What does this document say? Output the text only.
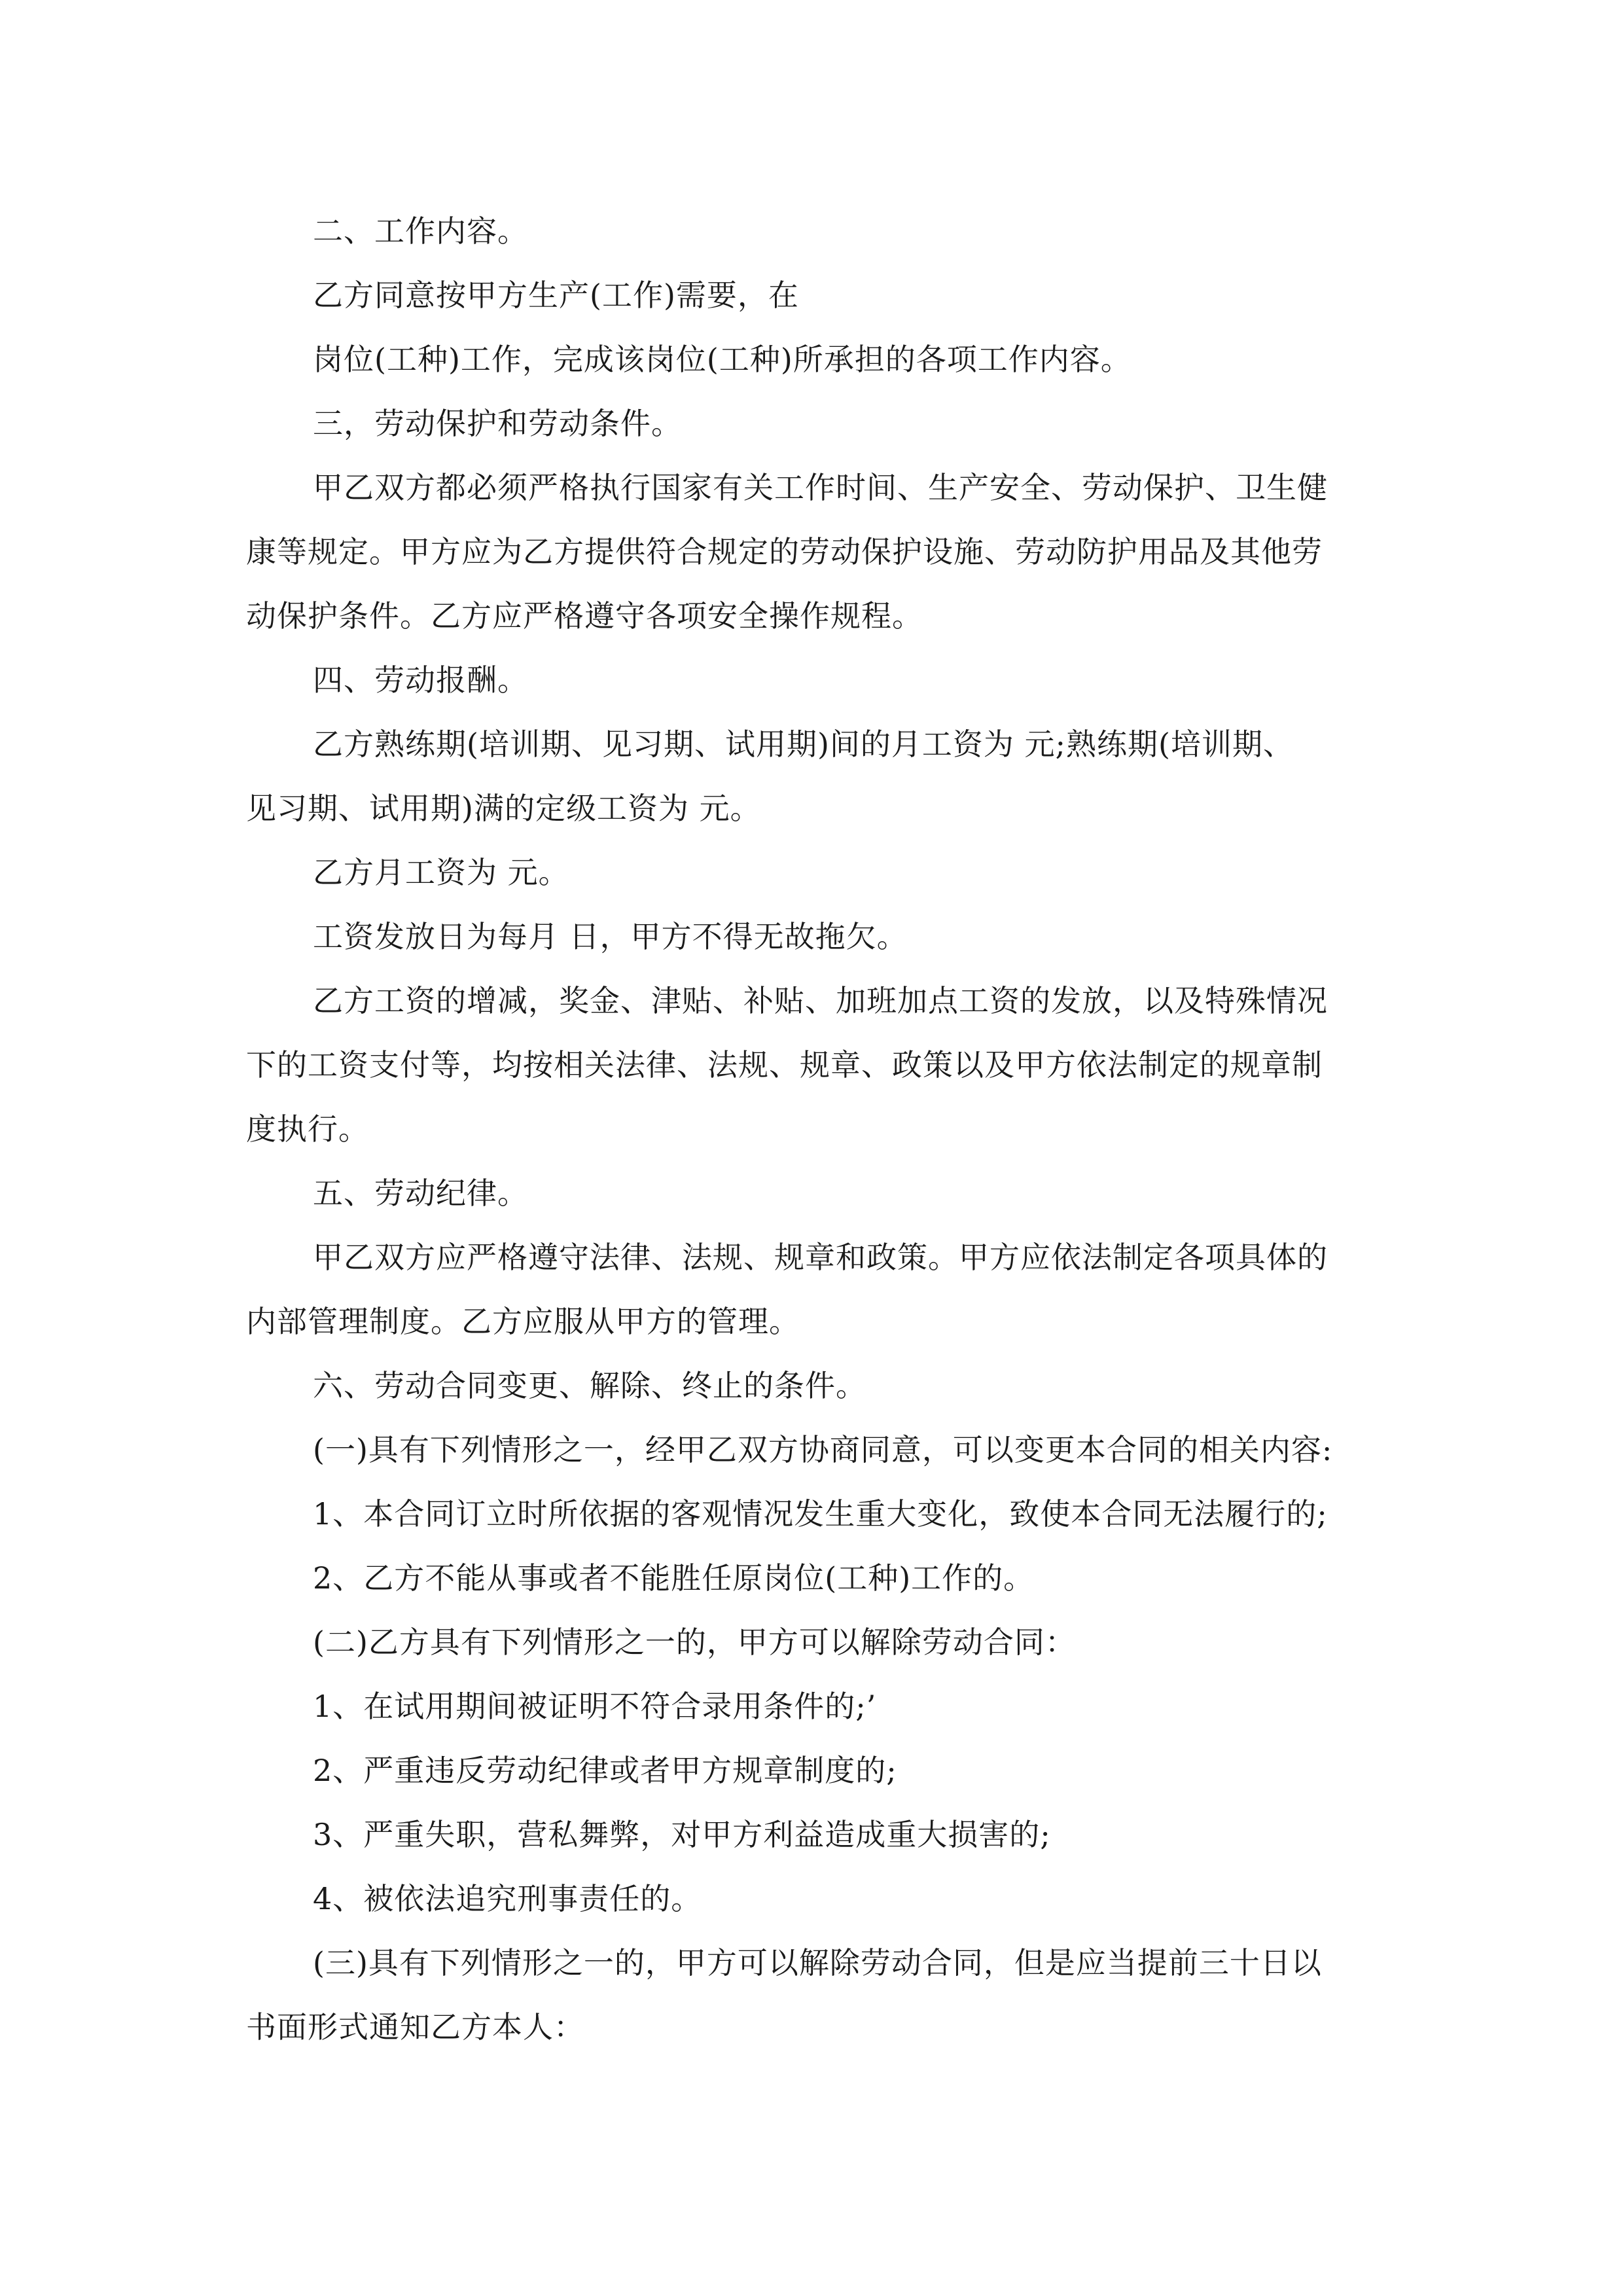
二、工作内容。
乙方同意按甲方生产(工作)需要，在
岗位(工种)工作，完成该岗位(工种)所承担的各项工作内容。
三，劳动保护和劳动条件。
甲乙双方都必须严格执行国家有关工作时间、生产安全、劳动保护、卫生健
康等规定。甲方应为乙方提供符合规定的劳动保护设施、劳动防护用品及其他劳
动保护条件。乙方应严格遵守各项安全操作规程。
四、劳动报酬。
乙方熟练期(培训期、见习期、试用期)间的月工资为 元;熟练期(培训期、
见习期、试用期)满的定级工资为 元。
乙方月工资为 元。
工资发放日为每月 日，甲方不得无故拖欠。
乙方工资的增减，奖金、津贴、补贴、加班加点工资的发放，以及特殊情况
下的工资支付等，均按相关法律、法规、规章、政策以及甲方依法制定的规章制
度执行。
五、劳动纪律。
甲乙双方应严格遵守法律、法规、规章和政策。甲方应依法制定各项具体的
内部管理制度。乙方应服从甲方的管理。
六、劳动合同变更、解除、终止的条件。
(一)具有下列情形之一，经甲乙双方协商同意，可以变更本合同的相关内容:
1、本合同订立时所依据的客观情况发生重大变化，致使本合同无法履行的;
2、乙方不能从事或者不能胜任原岗位(工种)工作的。
(二)乙方具有下列情形之一的，甲方可以解除劳动合同：
1、在试用期间被证明不符合录用条件的;’
2、严重违反劳动纪律或者甲方规章制度的;
3、严重失职，营私舞弊，对甲方利益造成重大损害的;
4、被依法追究刑事责任的。
(三)具有下列情形之一的，甲方可以解除劳动合同，但是应当提前三十日以
书面形式通知乙方本人：
